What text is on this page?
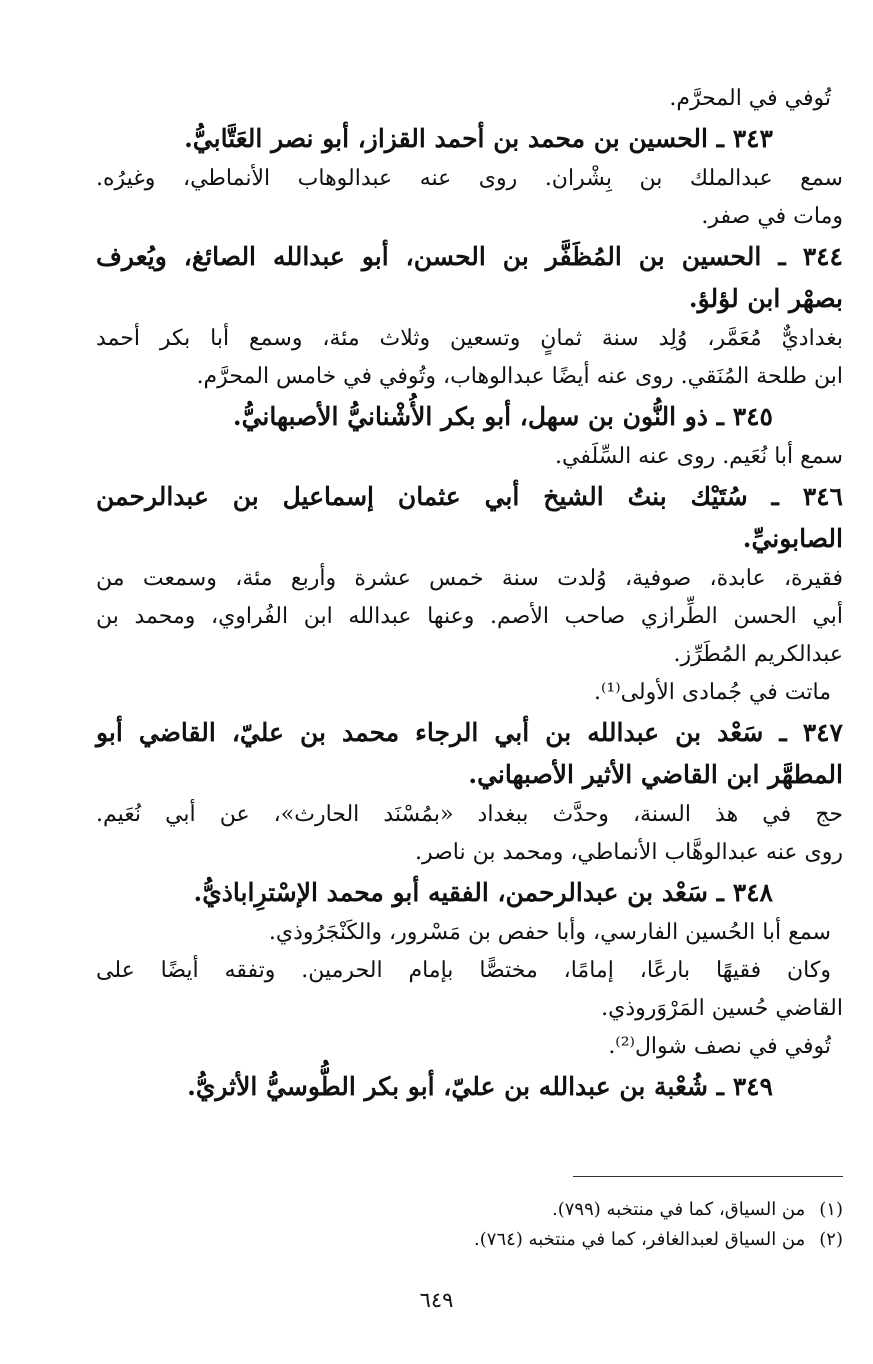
تُوفي في المحرَّم.
٣٤٣ ـ الحسين بن محمد بن أحمد القزاز، أبو نصر العَتَّابيُّ.
سمع عبدالملك بن بِشْران. روى عنه عبدالوهاب الأنماطي، وغيرُه.
ومات في صفر.
٣٤٤ ـ الحسين بن المُظَفَّر بن الحسن، أبو عبدالله الصائغ، ويُعرف
بصهْر ابن لؤلؤ.
بغداديٌّ مُعَمَّر، وُلِد سنة ثمانٍ وتسعين وثلاث مئة، وسمع أبا بكر أحمد
ابن طلحة المُنَقي. روى عنه أيضًا عبدالوهاب، وتُوفي في خامس المحرَّم.
٣٤٥ ـ ذو النُّون بن سهل، أبو بكر الأُشْنانيُّ الأصبهانيُّ.
سمع أبا نُعَيم. روى عنه السِّلَفي.
٣٤٦ ـ سُتَيْك بنتُ الشيخ أبي عثمان إسماعيل بن عبدالرحمن
الصابونيِّ.
فقيرة، عابدة، صوفية، وُلدت سنة خمس عشرة وأربع مئة، وسمعت من
أبي الحسن الطِّرازي صاحب الأصم. وعنها عبدالله ابن الفُراوي، ومحمد بن
عبدالكريم المُطَرِّز.
ماتت في جُمادى الأولى⁽¹⁾.
٣٤٧ ـ سَعْد بن عبدالله بن أبي الرجاء محمد بن عليّ، القاضي أبو
المطهَّر ابن القاضي الأثير الأصبهاني.
حج في هذ السنة، وحدَّث ببغداد «بمُسْنَد الحارث»، عن أبي نُعَيم.
روى عنه عبدالوهَّاب الأنماطي، ومحمد بن ناصر.
٣٤٨ ـ سَعْد بن عبدالرحمن، الفقيه أبو محمد الإسْترِاباذيُّ.
سمع أبا الحُسين الفارسي، وأبا حفص بن مَسْرور، والكَنْجَرُوذي.
وكان فقيهًا بارعًا، إمامًا، مختصًّا بإمام الحرمين. وتفقه أيضًا على
القاضي حُسين المَرْوَروذي.
تُوفي في نصف شوال⁽²⁾.
٣٤٩ ـ شُعْبة بن عبدالله بن عليّ، أبو بكر الطُّوسيُّ الأثريُّ.
(١) من السياق، كما في منتخبه (٧٩٩).
(٢) من السياق لعبدالغافر، كما في منتخبه (٧٦٤).
٦٤٩
